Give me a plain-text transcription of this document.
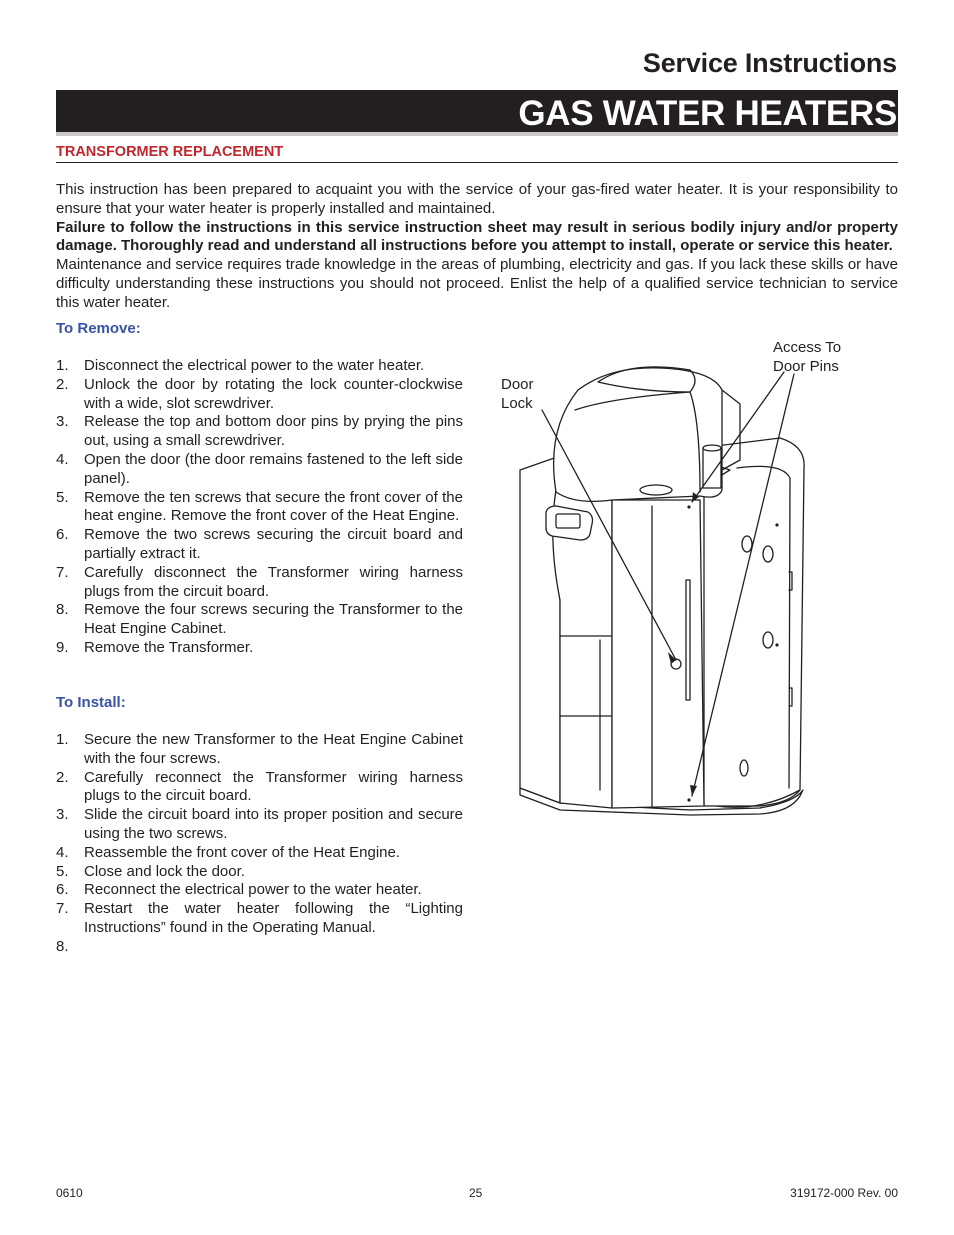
Service Instructions
GAS WATER HEATERS
TRANSFORMER REPLACEMENT

This instruction has been prepared to acquaint you with the service of your gas-fired water heater. It is your responsibility to ensure that your water heater is properly installed and maintained.

Failure to follow the instructions in this service instruction sheet may result in serious bodily injury and/or property damage. Thoroughly read and understand all instructions before you attempt to install, operate or service this heater.

Maintenance and service requires trade knowledge in the areas of plumbing, electricity and gas. If you lack these skills or have difficulty understanding these instructions you should not proceed. Enlist the help of a qualified service technician to service this water heater.

To Remove:
1.	Disconnect the electrical power to the water heater.
2.	Unlock the door by rotating the lock counter-clockwise with a wide, slot screwdriver.
3.	Release the top and bottom door pins by prying the pins out, using a small screwdriver.
4.	Open the door (the door remains fastened to the left side panel).
5.	Remove the ten screws that secure the front cover of the heat engine. Remove the front cover of the Heat Engine.
6.	Remove the two screws securing the circuit board and partially extract it.
7.	Carefully disconnect the Transformer wiring harness plugs from the circuit board.
8.	Remove the four screws securing the Transformer to the Heat Engine Cabinet.
9.	Remove the Transformer.
To Install:
1.	Secure the new Transformer to the Heat Engine Cabinet with the four screws.
2.	Carefully reconnect the Transformer wiring harness plugs to the circuit board.
3.	Slide the circuit board into its proper position and secure using the two screws.
4.	Reassemble the front cover of the Heat Engine.
5.	Close and lock the door.
6.	Reconnect the electrical power to the water heater.
7.	Restart the water heater following the “Lighting Instructions” found in the Operating Manual.
8.
Door
Lock
Access To
Door Pins
0610	25	319172-000 Rev. 00
